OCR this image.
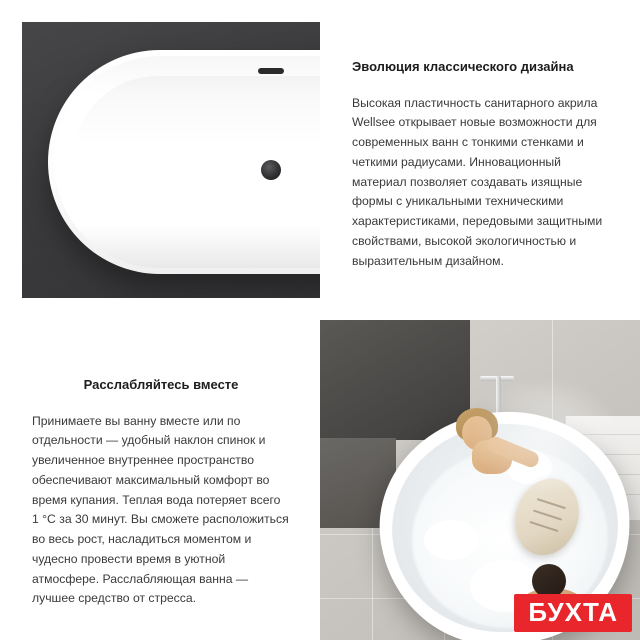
Эволюция классического дизайна

Высокая пластичность санитарного акрила Wellsee открывает новые возможности для современных ванн с тонкими стенками и четкими радиусами. Инновационный материал позволяет создавать изящные формы с уникальными техническими характеристиками, передовыми защитными свойствами, высокой экологичностью и выразительным дизайном.

Расслабляйтесь вместе

Принимаете вы ванну вместе или по отдельности — удобный наклон спинок и увеличенное внутреннее пространство обеспечивают максимальный комфорт во время купания. Теплая вода потеряет всего 1 °C за 30 минут. Вы сможете расположиться во весь рост, насладиться моментом и чудесно провести время в уютной атмосфере. Расслабляющая ванна — лучшее средство от стресса.	БУХТА
